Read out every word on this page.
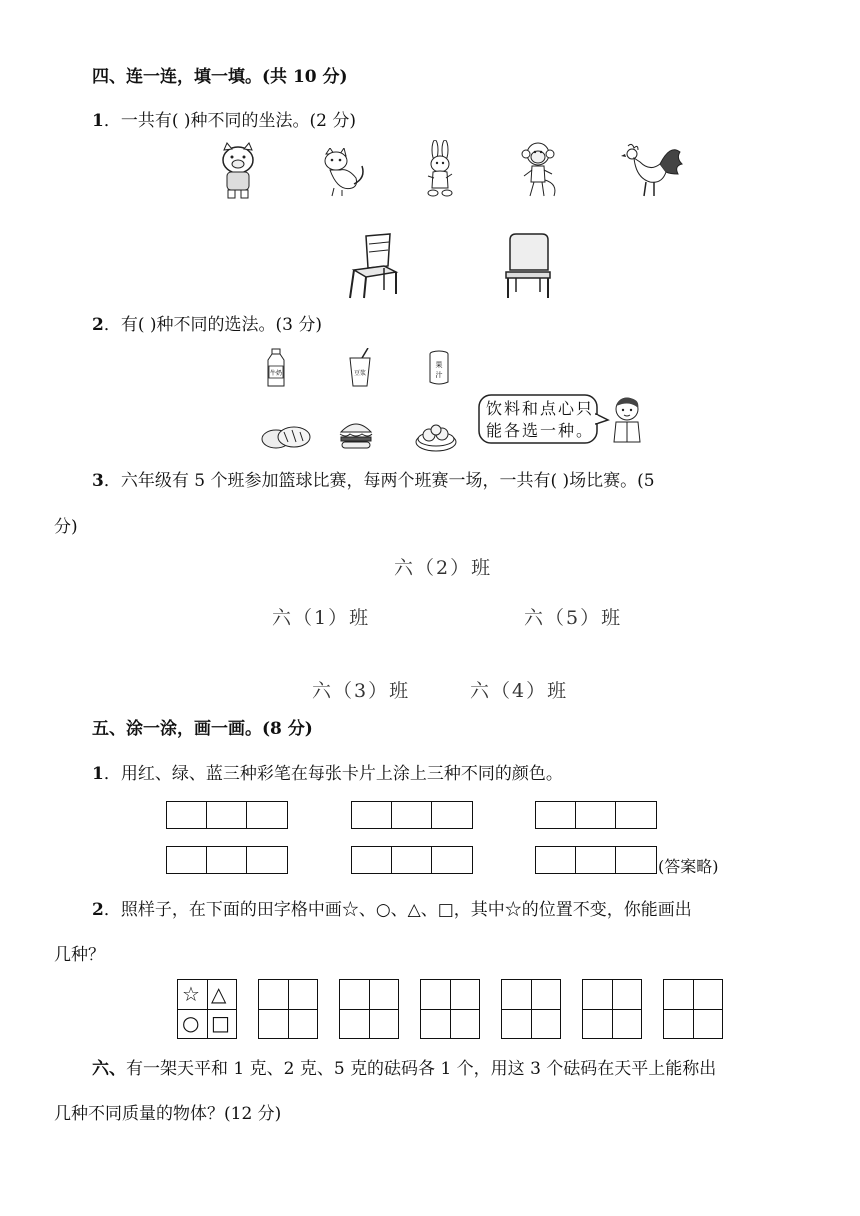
四、连一连，填一填。(共 10 分)
1．一共有( )种不同的坐法。(2 分)
2．有( )种不同的选法。(3 分)
牛奶	豆浆
果
汁
饮料和点心只
能各选一种。
3．六年级有 5 个班参加篮球比赛，每两个班赛一场，一共有( )场比赛。(5
分)
六（2）班
六（1）班	六（5）班
六（3）班	六（4）班
五、涂一涂，画一画。(8 分)
1．用红、绿、蓝三种彩笔在每张卡片上涂上三种不同的颜色。
(答案略)
2．照样子，在下面的田字格中画☆、○、△、□，其中☆的位置不变，你能画出
几种？
☆ △
○ □
六、有一架天平和 1 克、2 克、5 克的砝码各 1 个，用这 3 个砝码在天平上能称出
几种不同质量的物体？(12 分)
